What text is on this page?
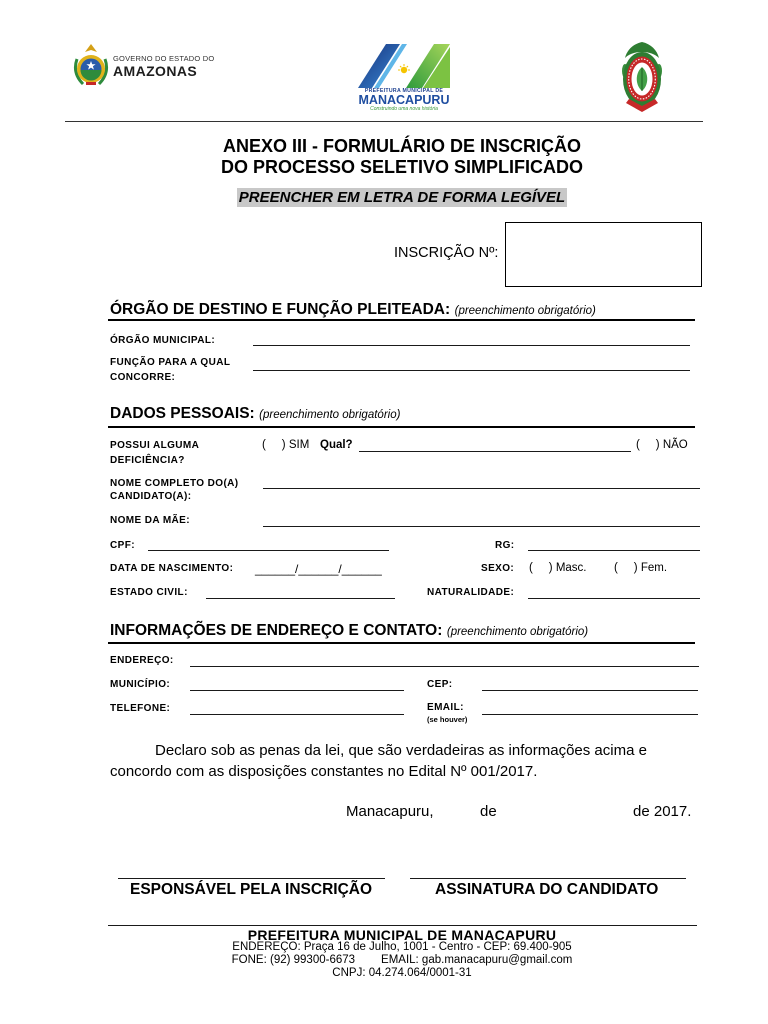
GOVERNO DO ESTADO DO
AMAZONAS
PREFEITURA MUNICIPAL DE
MANACAPURU
Construindo uma nova história
ANEXO III - FORMULÁRIO DE INSCRIÇÃO
DO PROCESSO SELETIVO SIMPLIFICADO
PREENCHER EM LETRA DE FORMA LEGÍVEL
INSCRIÇÃO Nº:
ÓRGÃO DE DESTINO E FUNÇÃO PLEITEADA: (preenchimento obrigatório)
ÓRGÃO MUNICIPAL:
FUNÇÃO PARA A QUAL
CONCORRE:
DADOS PESSOAIS: (preenchimento obrigatório)
POSSUI ALGUMA
DEFICIÊNCIA?
(     ) SIM Qual?	(     ) NÃO
NOME COMPLETO DO(A)
CANDIDATO(A):
NOME DA MÃE:
CPF:	RG:
DATA DE NASCIMENTO: ______/______/______	SEXO: (     ) Masc. (     ) Fem.
ESTADO CIVIL:	NATURALIDADE:
INFORMAÇÕES DE ENDEREÇO E CONTATO: (preenchimento obrigatório)
ENDEREÇO:
MUNICÍPIO:	CEP:
TELEFONE:	EMAIL:
(se houver)
Declaro sob as penas da lei, que são verdadeiras as informações acima e
concordo com as disposições constantes no Edital Nº 001/2017.
Manacapuru,	de	de 2017.
ESPONSÁVEL PELA INSCRIÇÃO	ASSINATURA DO CANDIDATO
PREFEITURA MUNICIPAL DE MANACAPURU
ENDEREÇO: Praça 16 de Julho, 1001 - Centro - CEP: 69.400-905
FONE: (92) 99300-6673 EMAIL: gab.manacapuru@gmail.com
CNPJ: 04.274.064/0001-31
